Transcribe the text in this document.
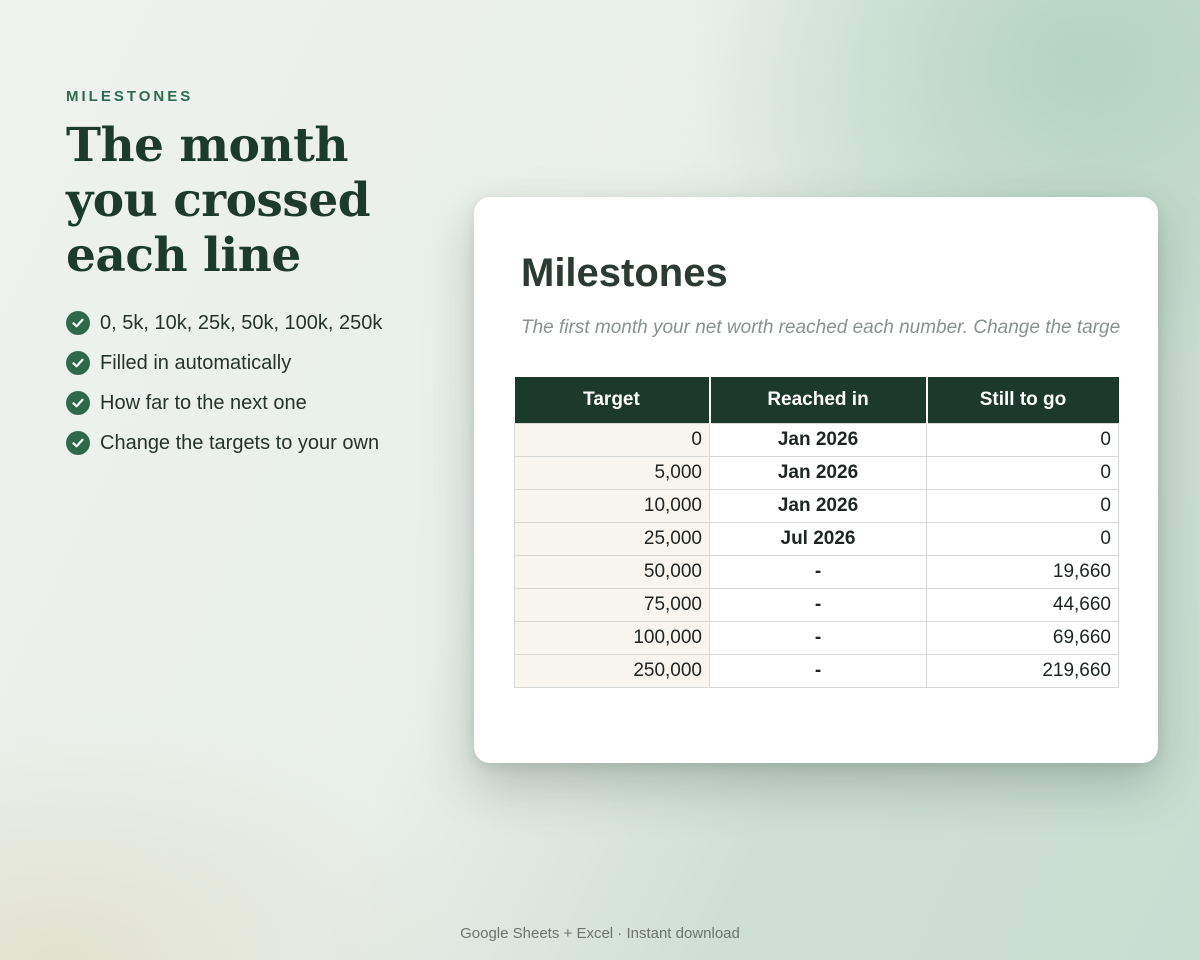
MILESTONES
The month you crossed each line
0, 5k, 10k, 25k, 50k, 100k, 250k
Filled in automatically
How far to the next one
Change the targets to your own
Milestones
The first month your net worth reached each number. Change the targe
Target	Reached in	Still to go
0	Jan 2026	0
5,000	Jan 2026	0
10,000	Jan 2026	0
25,000	Jul 2026	0
50,000	-	19,660
75,000	-	44,660
100,000	-	69,660
250,000	-	219,660
Google Sheets + Excel · Instant download
